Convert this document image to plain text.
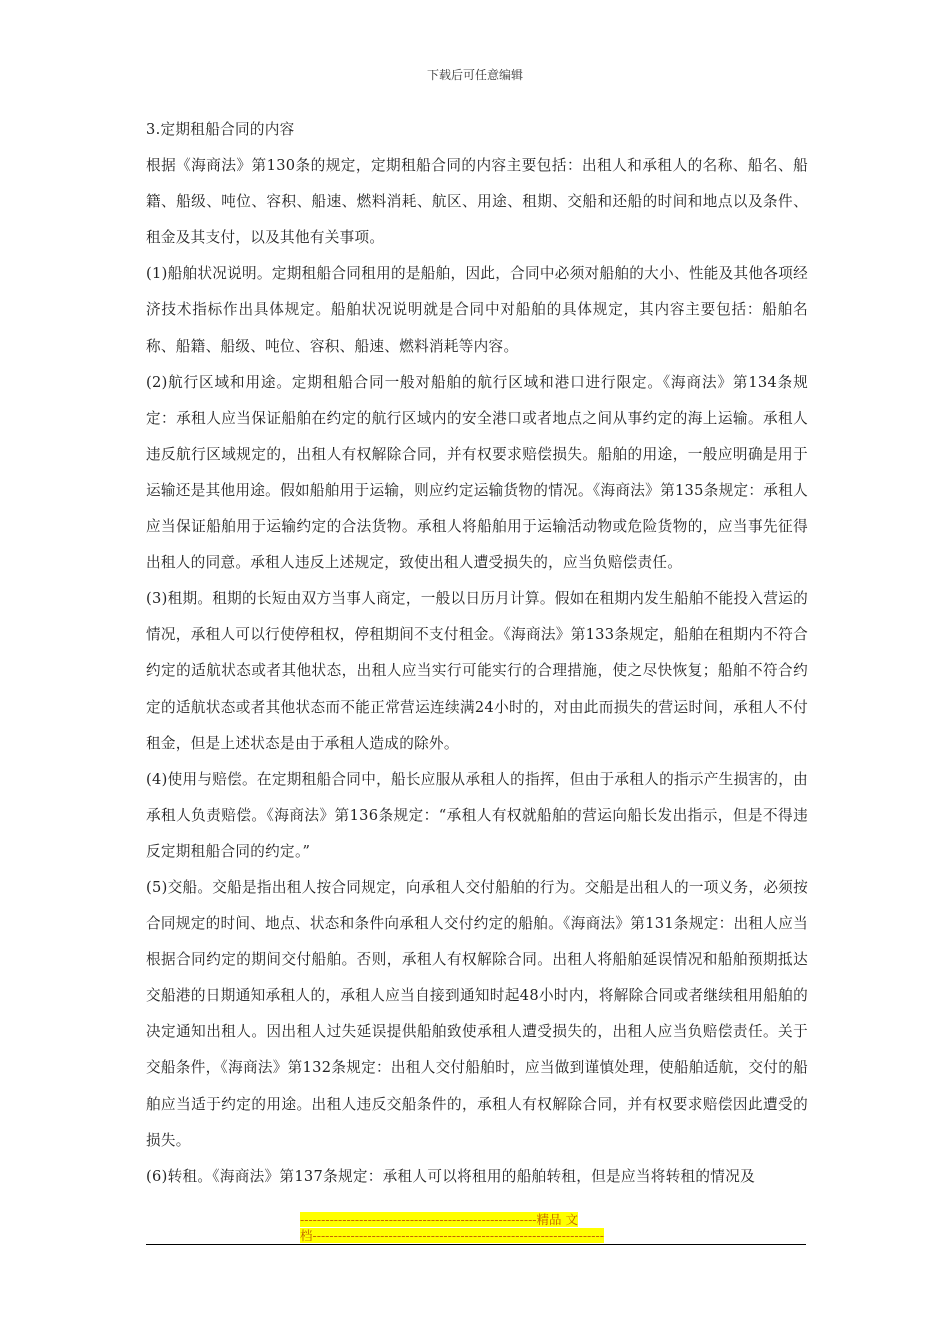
下载后可任意编辑

3.定期租船合同的内容

根据《海商法》第130条的规定，定期租船合同的内容主要包括：出租人和承租人的名称、船名、船籍、船级、吨位、容积、船速、燃料消耗、航区、用途、租期、交船和还船的时间和地点以及条件、租金及其支付，以及其他有关事项。

(1)船舶状况说明。定期租船合同租用的是船舶，因此，合同中必须对船舶的大小、性能及其他各项经济技术指标作出具体规定。船舶状况说明就是合同中对船舶的具体规定，其内容主要包括：船舶名称、船籍、船级、吨位、容积、船速、燃料消耗等内容。

(2)航行区域和用途。定期租船合同一般对船舶的航行区域和港口进行限定。《海商法》第134条规定：承租人应当保证船舶在约定的航行区域内的安全港口或者地点之间从事约定的海上运输。承租人违反航行区域规定的，出租人有权解除合同，并有权要求赔偿损失。船舶的用途，一般应明确是用于运输还是其他用途。假如船舶用于运输，则应约定运输货物的情况。《海商法》第135条规定：承租人应当保证船舶用于运输约定的合法货物。承租人将船舶用于运输活动物或危险货物的，应当事先征得出租人的同意。承租人违反上述规定，致使出租人遭受损失的，应当负赔偿责任。

(3)租期。租期的长短由双方当事人商定，一般以日历月计算。假如在租期内发生船舶不能投入营运的情况，承租人可以行使停租权，停租期间不支付租金。《海商法》第133条规定，船舶在租期内不符合约定的适航状态或者其他状态，出租人应当实行可能实行的合理措施，使之尽快恢复；船舶不符合约定的适航状态或者其他状态而不能正常营运连续满24小时的，对由此而损失的营运时间，承租人不付租金，但是上述状态是由于承租人造成的除外。

(4)使用与赔偿。在定期租船合同中，船长应服从承租人的指挥，但由于承租人的指示产生损害的，由承租人负责赔偿。《海商法》第136条规定：“承租人有权就船舶的营运向船长发出指示，但是不得违反定期租船合同的约定。”

(5)交船。交船是指出租人按合同规定，向承租人交付船舶的行为。交船是出租人的一项义务，必须按合同规定的时间、地点、状态和条件向承租人交付约定的船舶。《海商法》第131条规定：出租人应当根据合同约定的期间交付船舶。否则，承租人有权解除合同。出租人将船舶延误情况和船舶预期抵达交船港的日期通知承租人的，承租人应当自接到通知时起48小时内，将解除合同或者继续租用船舶的决定通知出租人。因出租人过失延误提供船舶致使承租人遭受损失的，出租人应当负赔偿责任。关于交船条件，《海商法》第132条规定：出租人交付船舶时，应当做到谨慎处理，使船舶适航，交付的船舶应当适于约定的用途。出租人违反交船条件的，承租人有权解除合同，并有权要求赔偿因此遭受的损失。

(6)转租。《海商法》第137条规定：承租人可以将租用的船舶转租，但是应当将转租的情况及

--------------------------------------------------------精品 文
档---------------------------------------------------------------------
